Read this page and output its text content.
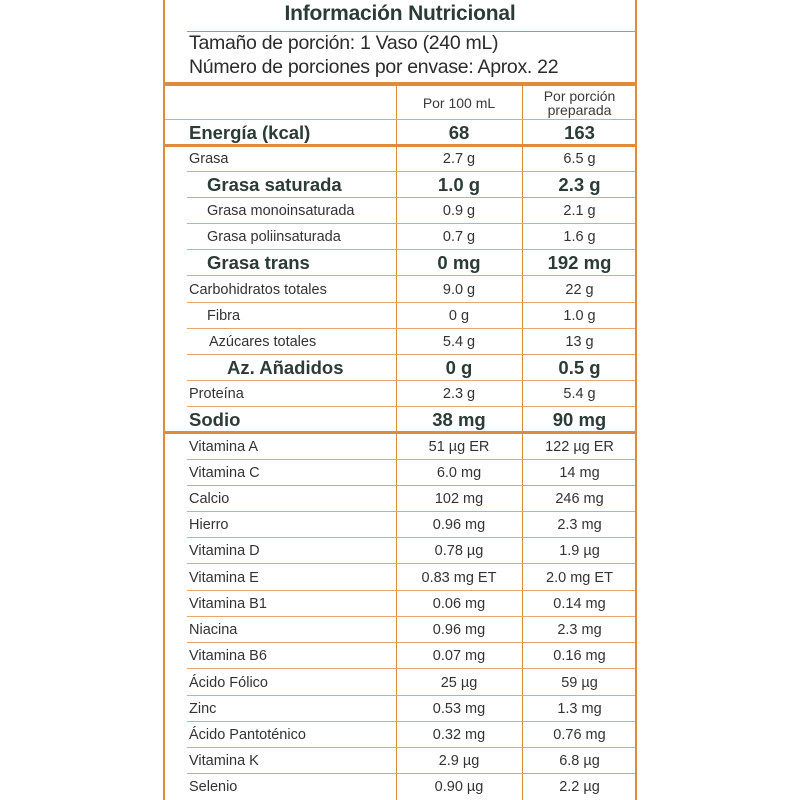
Información Nutricional
Tamaño de porción: 1 Vaso (240 mL)
Número de porciones por envase: Aprox. 22
Por 100 mL	Por porción preparada
Energía (kcal)	68	163
Grasa	2.7 g	6.5 g
Grasa saturada	1.0 g	2.3 g
Grasa monoinsaturada	0.9 g	2.1 g
Grasa poliinsaturada	0.7 g	1.6 g
Grasa trans	0 mg	192 mg
Carbohidratos totales	9.0 g	22 g
Fibra	0 g	1.0 g
Azúcares totales	5.4 g	13 g
Az. Añadidos	0 g	0.5 g
Proteína	2.3 g	5.4 g
Sodio	38 mg	90 mg
Vitamina A	51 µg ER	122 µg ER
Vitamina C	6.0 mg	14 mg
Calcio	102 mg	246 mg
Hierro	0.96 mg	2.3 mg
Vitamina D	0.78 µg	1.9 µg
Vitamina E	0.83 mg ET	2.0 mg ET
Vitamina B1	0.06 mg	0.14 mg
Niacina	0.96 mg	2.3 mg
Vitamina B6	0.07 mg	0.16 mg
Ácido Fólico	25 µg	59 µg
Zinc	0.53 mg	1.3 mg
Ácido Pantoténico	0.32 mg	0.76 mg
Vitamina K	2.9 µg	6.8 µg
Selenio	0.90 µg	2.2 µg
